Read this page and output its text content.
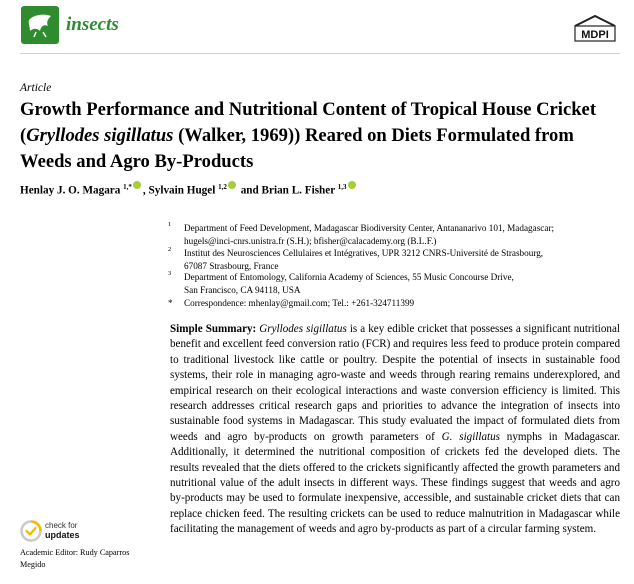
insects	MDPI
Article
Growth Performance and Nutritional Content of Tropical House Cricket (Gryllodes sigillatus (Walker, 1969)) Reared on Diets Formulated from Weeds and Agro By-Products
Henlay J. O. Magara $^{1,*}$ , Sylvain Hugel $^{1,2}$ and Brian L. Fisher $^{1,3}$
1 Department of Feed Development, Madagascar Biodiversity Center, Antananarivo 101, Madagascar;
hugels@inci-cnrs.unistra.fr (S.H.); bfisher@calacademy.org (B.L.F.)
2 Institut des Neurosciences Cellulaires et Intégratives, UPR 3212 CNRS-Université de Strasbourg,
67087 Strasbourg, France
3 Department of Entomology, California Academy of Sciences, 55 Music Concourse Drive,
San Francisco, CA 94118, USA
* Correspondence: mhenlay@gmail.com; Tel.: +261-324711399
Simple Summary: Gryllodes sigillatus is a key edible cricket that possesses a significant nutritional benefit and excellent feed conversion ratio (FCR) and requires less feed to produce protein compared to traditional livestock like cattle or poultry. Despite the potential of insects in sustainable food systems, their role in managing agro-waste and weeds through rearing remains underexplored, and empirical research on their ecological interactions and waste conversion efficiency is limited. This research addresses critical research gaps and priorities to advance the integration of insects into sustainable food systems in Madagascar. This study evaluated the impact of formulated diets from weeds and agro by-products on growth parameters of G. sigillatus nymphs in Madagascar. Additionally, it determined the nutritional composition of crickets fed the developed diets. The results revealed that the diets offered to the crickets significantly affected the growth parameters and nutritional value of the adult insects in different ways. These findings suggest that weeds and agro by-products may be used to formulate inexpensive, accessible, and sustainable cricket diets that can replace chicken feed. The resulting crickets can be used to reduce malnutrition in Madagascar while facilitating the management of weeds and agro by-products as part of a circular farming system.
check for
updates
Academic Editor: Rudy Caparros Megido
